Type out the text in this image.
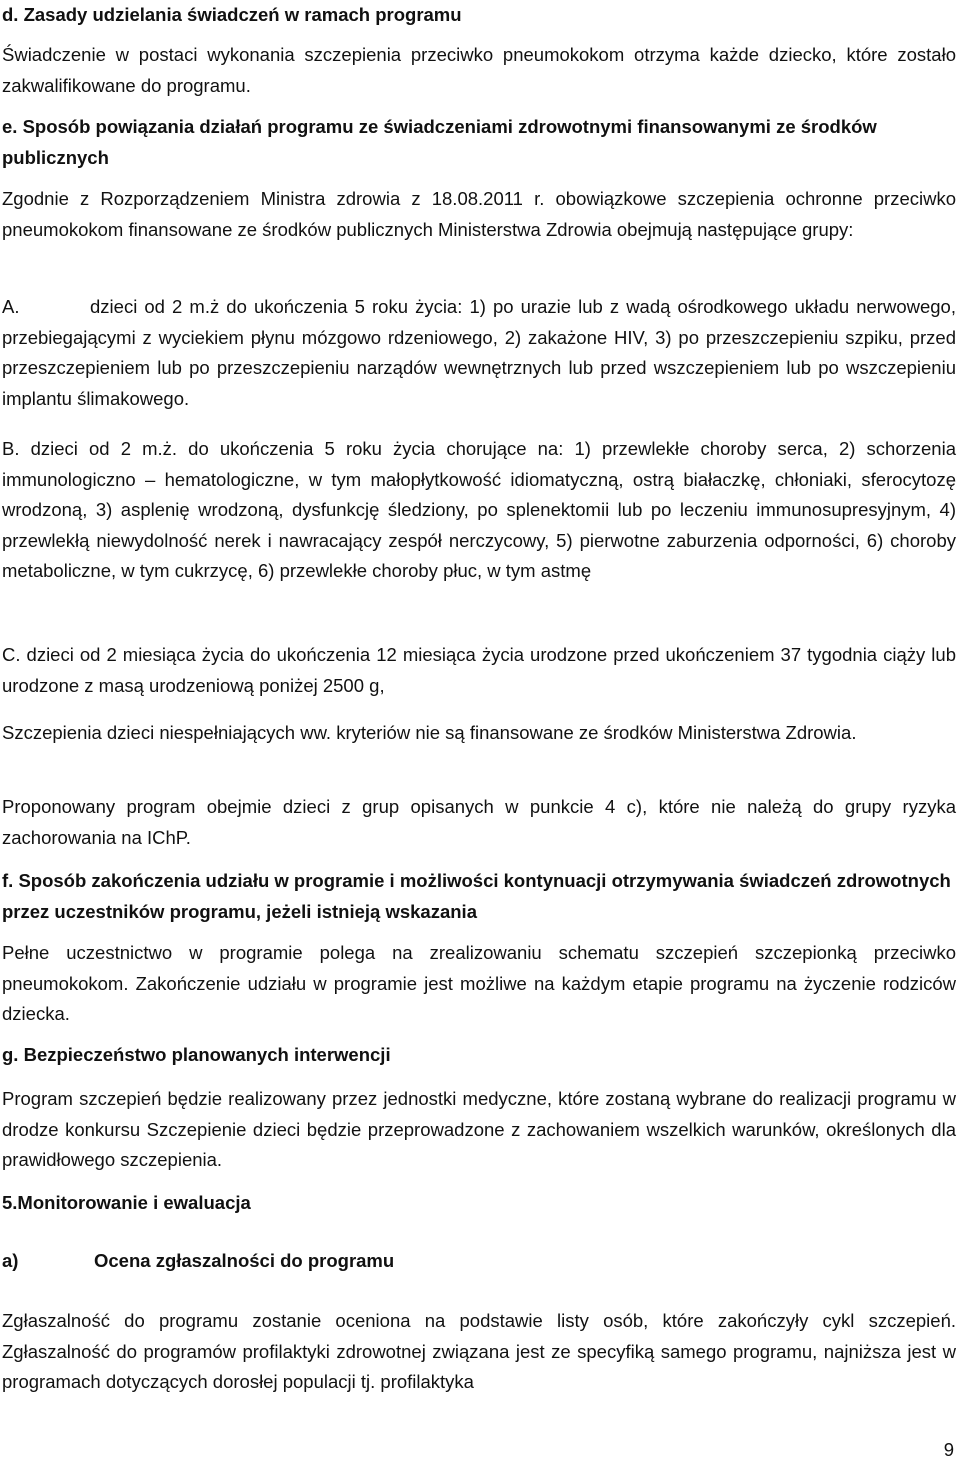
d. Zasady udzielania świadczeń w ramach programu

Świadczenie w postaci wykonania szczepienia przeciwko pneumokokom otrzyma każde dziecko, które zostało zakwalifikowane do programu.

e. Sposób powiązania działań programu ze świadczeniami zdrowotnymi finansowanymi ze środków publicznych

Zgodnie z Rozporządzeniem Ministra zdrowia z 18.08.2011 r. obowiązkowe szczepienia ochronne przeciwko pneumokokom finansowane ze środków publicznych Ministerstwa Zdrowia obejmują następujące grupy:

A.	dzieci od 2 m.ż do ukończenia 5 roku życia: 1) po urazie lub z wadą ośrodkowego układu nerwowego, przebiegającymi z wyciekiem płynu mózgowo rdzeniowego, 2) zakażone HIV, 3) po przeszczepieniu szpiku, przed przeszczepieniem lub po przeszczepieniu narządów wewnętrznych lub przed wszczepieniem lub po wszczepieniu implantu ślimakowego.

B. dzieci od 2 m.ż. do ukończenia 5 roku życia chorujące na: 1) przewlekłe choroby serca, 2) schorzenia immunologiczno – hematologiczne, w tym małopłytkowość idiomatyczną, ostrą białaczkę, chłoniaki, sferocytozę wrodzoną, 3) asplenię wrodzoną, dysfunkcję śledziony, po splenektomii lub po leczeniu immunosupresyjnym, 4) przewlekłą niewydolność nerek i nawracający zespół nerczycowy, 5) pierwotne zaburzenia odporności, 6) choroby metaboliczne, w tym cukrzycę, 6) przewlekłe choroby płuc, w tym astmę

C. dzieci od 2 miesiąca życia do ukończenia 12 miesiąca życia urodzone przed ukończeniem 37 tygodnia ciąży lub urodzone z masą urodzeniową poniżej 2500 g,

Szczepienia dzieci niespełniających ww. kryteriów nie są finansowane ze środków Ministerstwa Zdrowia.

Proponowany program obejmie dzieci z grup opisanych w punkcie 4 c), które nie należą do grupy ryzyka zachorowania na IChP.

f. Sposób zakończenia udziału w programie i możliwości kontynuacji otrzymywania świadczeń zdrowotnych przez uczestników programu, jeżeli istnieją wskazania

Pełne uczestnictwo w programie polega na zrealizowaniu schematu szczepień szczepionką przeciwko pneumokokom. Zakończenie udziału w programie jest możliwe na każdym etapie programu na życzenie rodziców dziecka.

g. Bezpieczeństwo planowanych interwencji

Program szczepień będzie realizowany przez jednostki medyczne, które zostaną wybrane do realizacji programu w drodze konkursu Szczepienie dzieci będzie przeprowadzone z zachowaniem wszelkich warunków, określonych dla prawidłowego szczepienia.

5.Monitorowanie i ewaluacja

a)	Ocena zgłaszalności do programu

Zgłaszalność do programu zostanie oceniona na podstawie listy osób, które zakończyły cykl szczepień. Zgłaszalność do programów profilaktyki zdrowotnej związana jest ze specyfiką samego programu, najniższa jest w programach dotyczących dorosłej populacji tj. profilaktyka

9
